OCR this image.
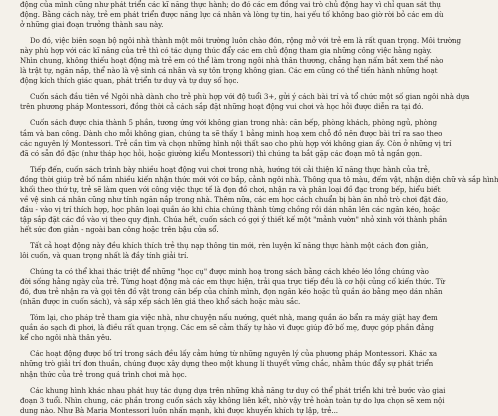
động của mình cũng như phát triển các kĩ năng thực hành; do đó các em đồng vai trò chủ động hay vì chỉ quan sát thụ
động. Bằng cách này, trẻ em phát triển được năng lực cá nhân và lòng tự tin, hai yếu tố không bao giờ rời bỏ các em dù
ở những giai đoạn trưởng thành sau này.
Do đó, việc biên soạn bộ ngôi nhà thành một môi trường luôn chào đón, rộng mở với trẻ em là rất quan trọng. Môi trường
này phù hợp với các kĩ năng của trẻ thì có tác dụng thúc đẩy các em chủ động tham gia những công việc hằng ngày.
Nhìn chung, không thiếu hoạt động mà trẻ em có thể làm trong ngôi nhà thân thương, chẳng hạn nấm bắt xem thế nào
là trật tự, ngăn nắp, thể nào là vệ sinh cá nhân và sự tôn trọng không gian. Các em cũng có thể tiến hành những hoạt
động kích thích giác quan, phát triển tư duy và tự duy số học.
Cuốn sách đầu tiên về Ngôi nhà dành cho trẻ phù hợp với độ tuổi 3+, gửi ý cách bài trí và tổ chức một số gian ngôi nhà dựa
trên phương pháp Montessori, đồng thời cả cách sắp đặt những hoạt động vui chơi và học hỏi được diễn ra tại đó.
Cuốn sách được chia thành 5 phần, tương ứng với không gian trong nhà: căn bếp, phòng khách, phòng ngủ, phòng
tắm và ban công. Dành cho mỗi không gian, chúng ta sẽ thấy 1 bảng minh hoạ xem chỗ đồ nên được bài trí ra sao theo
các nguyên lý Montessori. Trẻ cần tìm và chọn những hình nội thất sao cho phù hợp với không gian ấy. Còn ở những vị trí
đã có sẵn đồ đặc (như tháp học hỏi, hoặc giường kiểu Montessori) thì chúng ta bắt gặp các đoạn mô tả ngắn gọn.
Tiếp đến, cuốn sách trình bày nhiều hoạt động vui chơi trong nhà, hướng tới cải thiện kĩ năng thực hành của trẻ,
đồng thời giúp trẻ bố nắm nhiều kiến nhận thức mới với cơ bắp, cảnh ngôi nhà. Thông qua tô màu, đếm vật, nhận diện chữ và sắp hình
khối theo thứ tự, trẻ sẽ làm quen với công việc thực tế là đọn đồ chơi, nhận ra và phân loại đồ đạc trong bếp, hiểu biết
về vệ sinh cá nhân cũng như tính ngăn nắp trong nhà. Thêm nữa, các em học cách chuẩn bị bàn ăn nhỏ trò chơi đặt đáo,
đầu - vào vị trí thích hợp, học phân loại quần áo khi chia chúng thành từng chồng rồi dán nhãn lên các ngăn kéo, hoặc
tập sắp đặt các đồ vào vị theo quy định. Chúa hết, cuốn sách có gợi ý thiết kế một "mảnh vườn" nhỏ xinh với thành phần
hết sức đơn giản - ngoài ban công hoặc trên bậu cửa sổ.
Tất cả hoạt động này đều khích thích trẻ thụ nạp thông tin mới, rèn luyện kĩ năng thực hành một cách đơn giản,
lôi cuốn, và quan trọng nhất là đầy tính giải trí.
Chúng ta có thể khai thác triệt để những "học cụ" được minh hoạ trong sách bằng cách khéo léo lồng chúng vào
đời sống hằng ngày của trẻ. Từng hoạt động mà các em thực hiện, trải qua trực tiếp đều là cơ hội củng cố kiến thức. Từ
đó, đưa trẻ nhận ra và gọi tên đồ vật trong căn bếp của chính mình, đọn ngăn kéo hoặc tủ quần áo bằng mẹo dán nhãn
(nhãn được in cuốn sách), và sắp xếp sách lên giá theo khổ sách hoặc màu sắc.
Tóm lại, cho pháp trẻ tham gia việc nhà, như chuyện nấu nướng, quét nhà, mang quần áo bẩn ra máy giặt hay đem
quần áo sạch đi phơi, là điều rất quan trọng. Các em sẽ cảm thấy tự hào vì được giúp đỡ bố mẹ, được góp phần đảng
kể cho ngôi nhà thân yêu.
Các hoạt động được bố trí trong sách đều lấy cảm hứng từ những nguyên lý của phương pháp Montessori. Khác xa
những trò giải trí đơn thuần, chúng được xây dựng theo một khung lí thuyết vững chắc, nhằm thúc đẩy sự phát triển
nhận thức của trẻ trong quá trình chơi mà học.
Các khung hình khác nhau phát huy tác dụng dựa trên những khả năng tư duy có thể phát triển khi trẻ bước vào giai
đoạn 3 tuổi. Nhìn chung, các phần trong cuốn sách xây không liên kết, nhờ vậy trẻ hoàn toàn tự do lựa chọn sẽ xem nội
dung nào. Như Bà Maria Montessori luôn nhấn mạnh, khi được khuyến khích tự lập, trẻ...
